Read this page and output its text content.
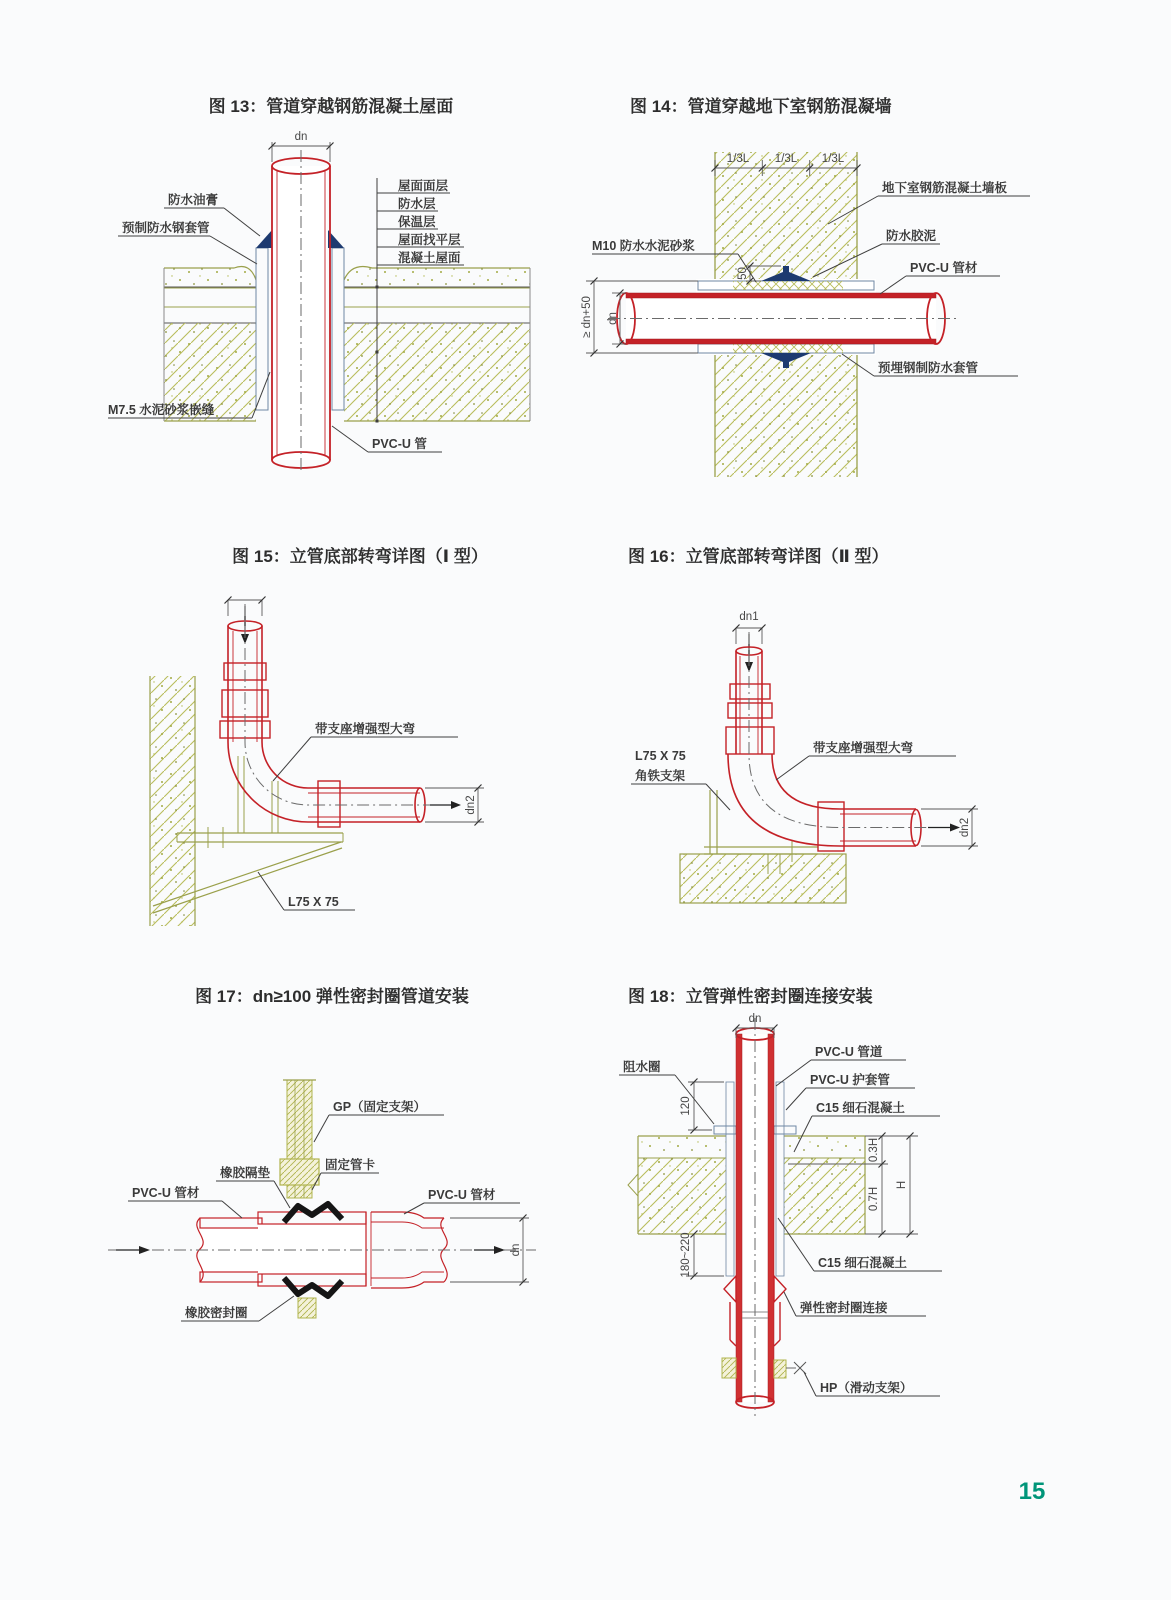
图 13：管道穿越钢筋混凝土屋面
dn
屋面面层
防水层
保温层
屋面找平层
混凝土屋面
防水油膏
预制防水钢套管
M7.5 水泥砂浆嵌缝
PVC-U 管
图 14：管道穿越地下室钢筋混凝墙
1/3L 1/3L 1/3L
50
≥ dn+50 dn
M10 防水水泥砂浆
地下室钢筋混凝土墙板
防水胶泥
PVC-U 管材
预埋钢制防水套管
图 15：立管底部转弯详图（Ⅰ 型）
dn2
带支座增强型大弯
L75 X 75
图 16：立管底部转弯详图（Ⅱ 型）
dn1
dn2
带支座增强型大弯
L75 X 75
角铁支架
图 17：dn≥100 弹性密封圈管道安装
dn
GP（固定支架）
固定管卡
橡胶隔垫
PVC-U 管材	PVC-U 管材
橡胶密封圈
图 18：立管弹性密封圈连接安装
dn
120
0.3H
0.7H
H
180~220
阻水圈
PVC-U 管道
PVC-U 护套管
C15 细石混凝土
C15 细石混凝土
弹性密封圈连接
HP（滑动支架）
15
